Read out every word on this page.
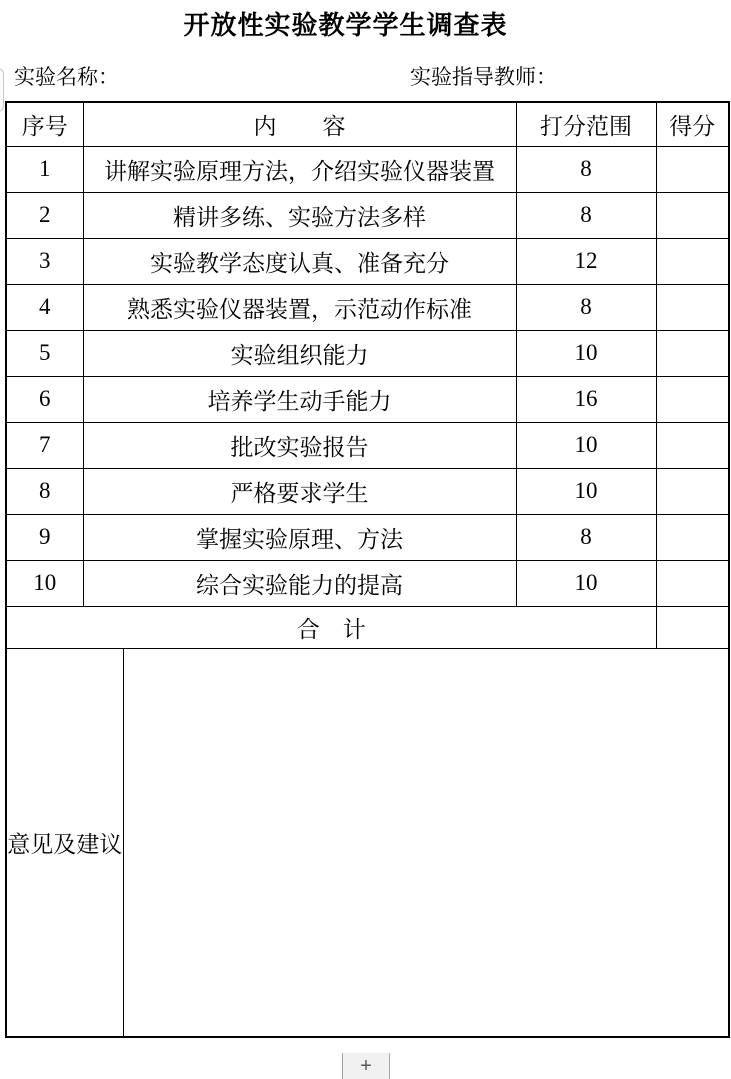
开放性实验教学学生调查表
实验名称：	实验指导教师：
序号	内　　容		打分范围	得分
1	讲解实验原理方法，介绍实验仪器装置		8	
2	精讲多练、实验方法多样		8	
3	实验教学态度认真、准备充分		12	
4	熟悉实验仪器装置，示范动作标准		8	
5	实验组织能力		10	
6	培养学生动手能力		16	
7	批改实验报告		10	
8	严格要求学生		10	
9	掌握实验原理、方法		8	
10	综合实验能力的提高		10	
合　计				
意见及建议				
+
